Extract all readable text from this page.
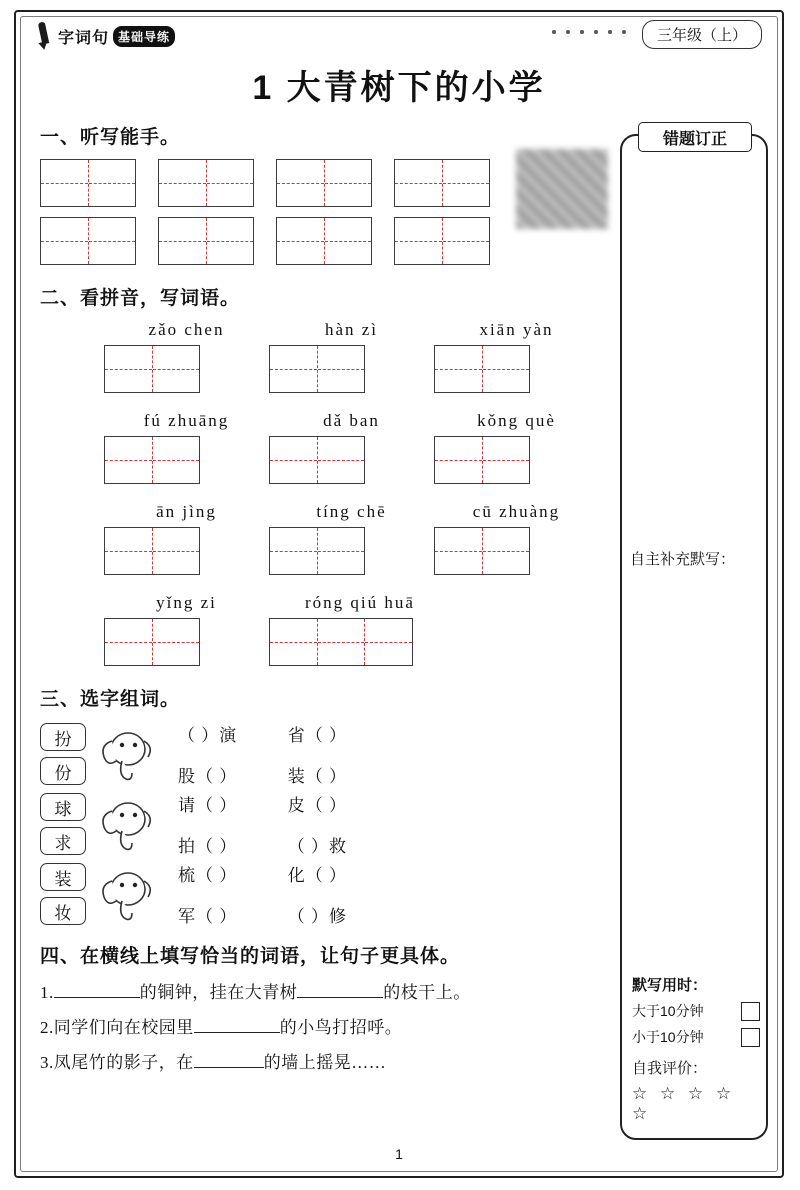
字词句 基础导练	三年级（上）
1 大青树下的小学
一、听写能手。
二、看拼音，写词语。
zǎo chen	hàn zì	xiān yàn
fú zhuāng	dǎ ban	kǒng què
ān jìng	tíng chē	cū zhuàng
yǐng zi	róng qiú huā
三、选字组词。
扮
份
（ ）演	省（ ）
股（ ）	装（ ）
球
求
请（ ）	皮（ ）
拍（ ）	（ ）救
装
妆
梳（ ）	化（ ）
军（ ）	（ ）修
四、在横线上填写恰当的词语，让句子更具体。

1.	的铜钟，挂在大青树	的枝干上。

2.同学们向在校园里	的小鸟打招呼。

3.凤尾竹的影子，在	的墙上摇晃……

错题订正
自主补充默写：
默写用时：
大于10分钟
小于10分钟
自我评价：
☆ ☆ ☆ ☆ ☆
1
